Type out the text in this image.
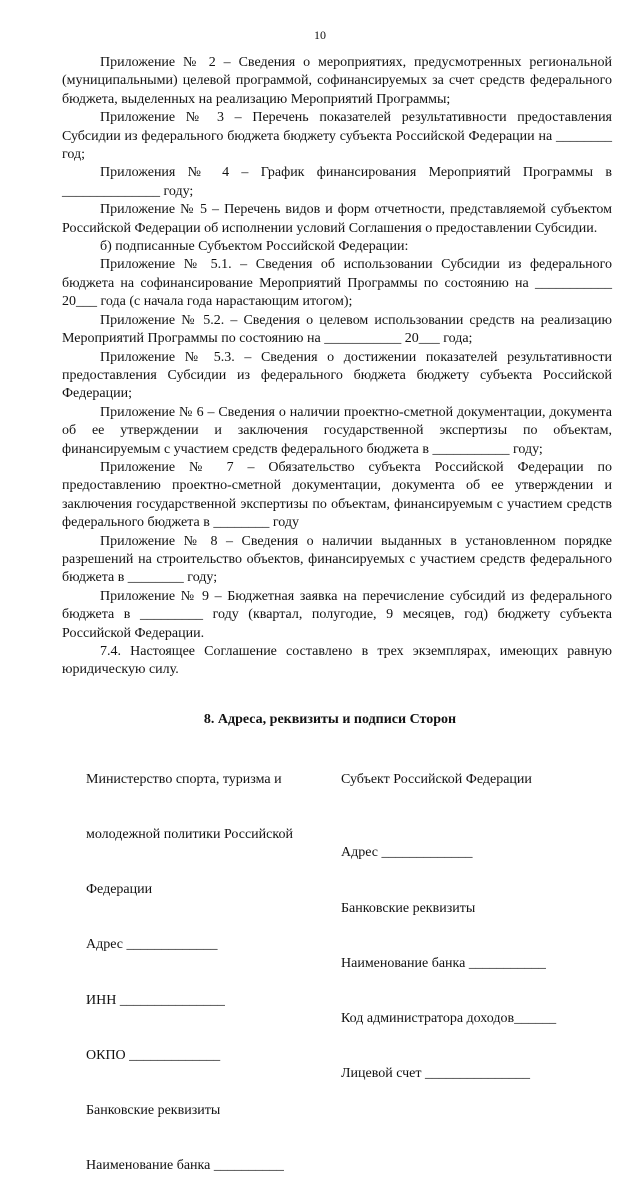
10

Приложение № 2 – Сведения о мероприятиях, предусмотренных региональной (муниципальными) целевой программой, софинансируемых за счет средств федерального бюджета, выделенных на реализацию Мероприятий Программы;

Приложение № 3 – Перечень показателей результативности предоставления Субсидии из федерального бюджета бюджету субъекта Российской Федерации на ________ год;

Приложения № 4 – График финансирования Мероприятий Программы в ______________ году;

Приложение № 5 – Перечень видов и форм отчетности, представляемой субъектом Российской Федерации об исполнении условий Соглашения о предоставлении Субсидии.

б) подписанные Субъектом Российской Федерации:

Приложение № 5.1. – Сведения об использовании Субсидии из федерального бюджета на софинансирование Мероприятий Программы по состоянию на ___________ 20___ года (с начала года нарастающим итогом);

Приложение № 5.2. – Сведения о целевом использовании средств на реализацию Мероприятий Программы по состоянию на ___________ 20___ года;

Приложение № 5.3. – Сведения о достижении показателей результативности предоставления Субсидии из федерального бюджета бюджету субъекта Российской Федерации;

Приложение № 6 – Сведения о наличии проектно-сметной документации, документа об ее утверждении и заключения государственной экспертизы по объектам, финансируемым с участием средств федерального бюджета в ___________ году;

Приложение № 7 – Обязательство субъекта Российской Федерации по предоставлению проектно-сметной документации, документа об ее утверждении и заключения государственной экспертизы по объектам, финансируемым с участием средств федерального бюджета в ________ году

Приложение № 8 – Сведения о наличии выданных в установленном порядке разрешений на строительство объектов, финансируемых с участием средств федерального бюджета в ________ году;

Приложение № 9 – Бюджетная заявка на перечисление субсидий из федерального бюджета в _________ году (квартал, полугодие, 9 месяцев, год) бюджету субъекта Российской Федерации.

7.4. Настоящее Соглашение составлено в трех экземплярах, имеющих равную юридическую силу.

8. Адреса, реквизиты и подписи Сторон

Министерство спорта, туризма и

молодежной политики Российской

Федерации

Адрес _____________

ИНН _______________

ОКПО _____________

Банковские реквизиты

Наименование банка __________

Субъект Российской Федерации

Адрес _____________

Банковские реквизиты

Наименование банка ___________

Код администратора доходов______

Лицевой счет _______________
